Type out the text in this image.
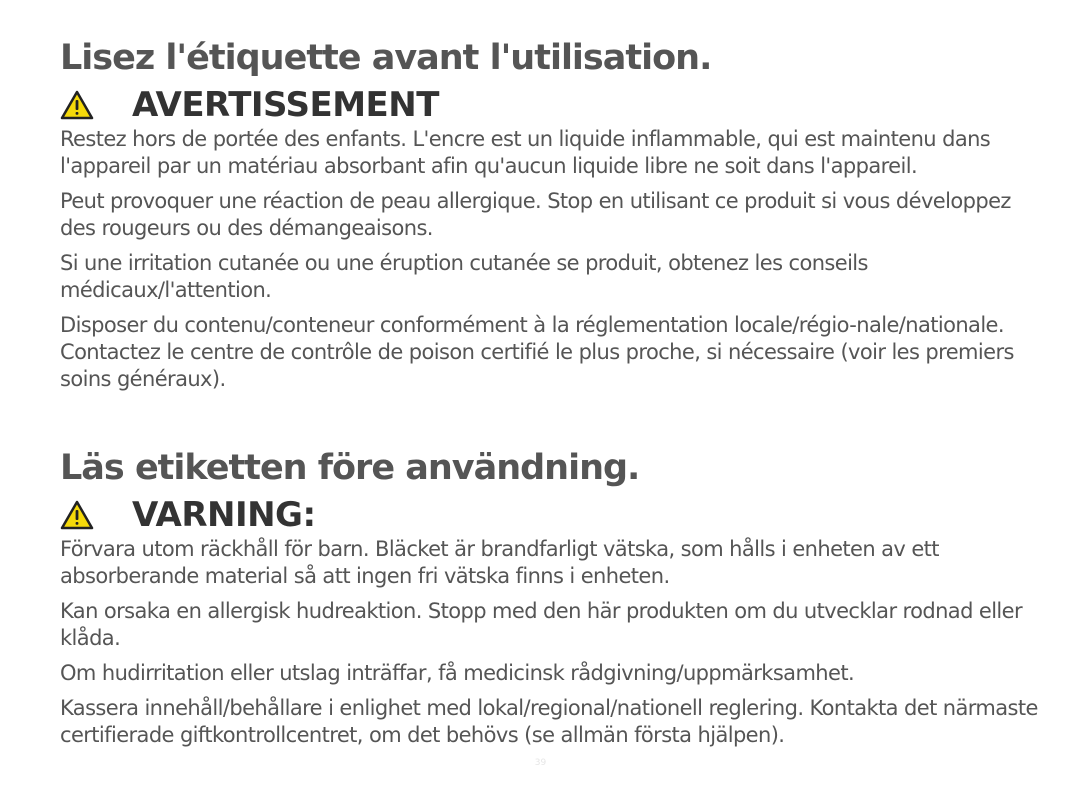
Lisez l'étiquette avant l'utilisation.
AVERTISSEMENT

Restez hors de portée des enfants. L'encre est un liquide inflammable, qui est maintenu dans l'appareil par un matériau absorbant afin qu'aucun liquide libre ne soit dans l'appareil.

Peut provoquer une réaction de peau allergique. Stop en utilisant ce produit si vous développez des rougeurs ou des démangeaisons.

Si une irritation cutanée ou une éruption cutanée se produit, obtenez les conseils médicaux/l'attention.

Disposer du contenu/conteneur conformément à la réglementation locale/régio-nale/nationale. Contactez le centre de contrôle de poison certifié le plus proche, si nécessaire (voir les premiers soins généraux).

Läs etiketten före användning.
VARNING:

Förvara utom räckhåll för barn. Bläcket är brandfarligt vätska, som hålls i enheten av ett absorberande material så att ingen fri vätska finns i enheten.

Kan orsaka en allergisk hudreaktion. Stopp med den här produkten om du utvecklar rodnad eller klåda.

Om hudirritation eller utslag inträffar, få medicinsk rådgivning/uppmärksamhet.

Kassera innehåll/behållare i enlighet med lokal/regional/nationell reglering. Kontakta det närmaste certifierade giftkontrollcentret, om det behövs (se allmän första hjälpen).

39
